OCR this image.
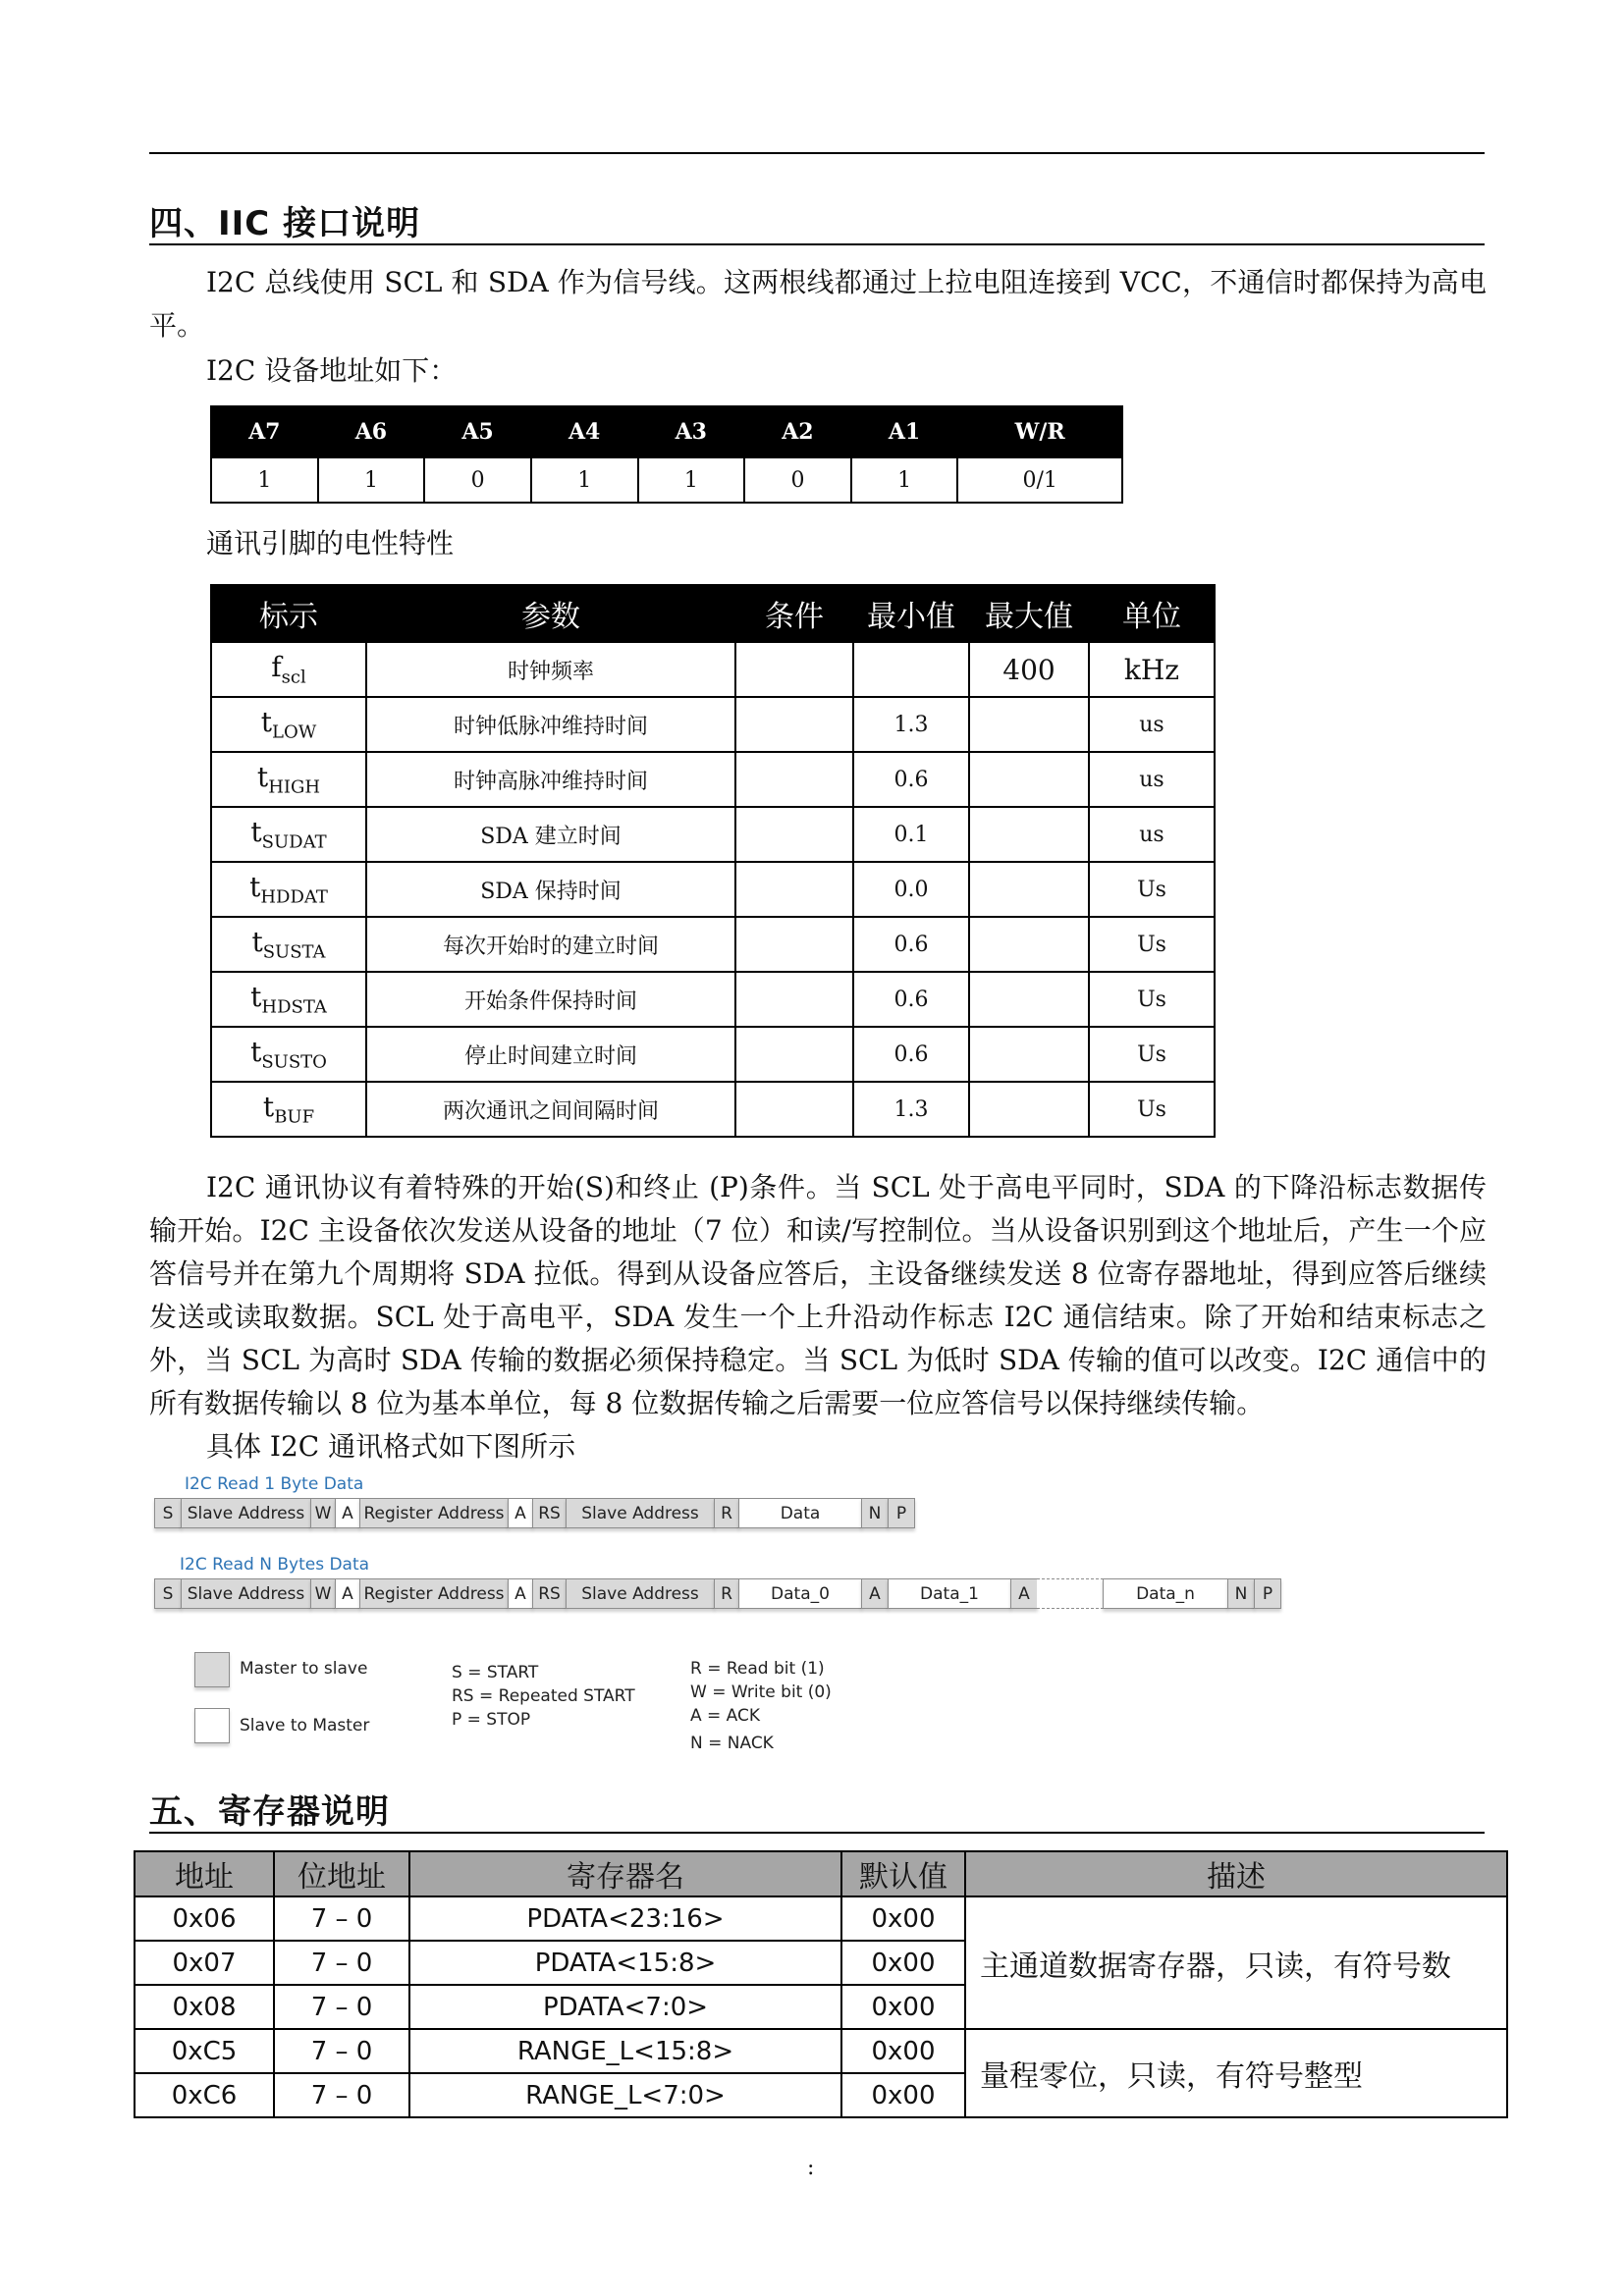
四、IIC 接口说明

I2C 总线使用 SCL 和 SDA 作为信号线。这两根线都通过上拉电阻连接到 VCC，不通信时都保持为高电平。

I2C 设备地址如下：
A7	A6	A5	A4	A3	A2	A1	W/R
1	1	0	1	1	0	1	0/1
通讯引脚的电性特性
标示	参数	条件	最小值	最大值	单位
$f_{scl}$	时钟频率			400	kHz
$t_{LOW}$	时钟低脉冲维持时间		1.3		us
$t_{HIGH}$	时钟高脉冲维持时间		0.6		us
$t_{SUDAT}$	SDA 建立时间		0.1		us
$t_{HDDAT}$	SDA 保持时间		0.0		Us
$t_{SUSTA}$	每次开始时的建立时间		0.6		Us
$t_{HDSTA}$	开始条件保持时间		0.6		Us
$t_{SUSTO}$	停止时间建立时间		0.6		Us
$t_{BUF}$	两次通讯之间间隔时间		1.3		Us

I2C 通讯协议有着特殊的开始(S)和终止 (P)条件。当 SCL 处于高电平同时，SDA 的下降沿标志数据传输开始。I2C 主设备依次发送从设备的地址（7 位）和读/写控制位。当从设备识别到这个地址后，产生一个应答信号并在第九个周期将 SDA 拉低。得到从设备应答后，主设备继续发送 8 位寄存器地址，得到应答后继续发送或读取数据。SCL 处于高电平，SDA 发生一个上升沿动作标志 I2C 通信结束。除了开始和结束标志之外，当 SCL 为高时 SDA 传输的数据必须保持稳定。当 SCL 为低时 SDA 传输的值可以改变。I2C 通信中的所有数据传输以 8 位为基本单位，每 8 位数据传输之后需要一位应答信号以保持继续传输。

具体 I2C 通讯格式如下图所示
I2C Read 1 Byte Data
S Slave Address W A Register Address A RS	Slave Address	R	Data	N P
I2C Read N Bytes Data
S Slave Address W A Register Address A RS	Slave Address	R	Data_0	A	Data_1	A	Data_n	N P
Master to slave
Slave to Master
S = START
RS = Repeated START
P = STOP
R = Read bit (1)
W = Write bit (0)
A = ACK
N = NACK
五、寄存器说明
地址	位地址	寄存器名	默认值	描述
0x06	7 – 0	PDATA<23:16>	0x00	主通道数据寄存器，只读，有符号数
0x07	7 – 0	PDATA<15:8>	0x00	
0x08	7 – 0	PDATA<7:0>	0x00	
0xC5	7 – 0	RANGE_L<15:8>	0x00	量程零位，只读，有符号整型
0xC6	7 – 0	RANGE_L<7:0>	0x00	
:
